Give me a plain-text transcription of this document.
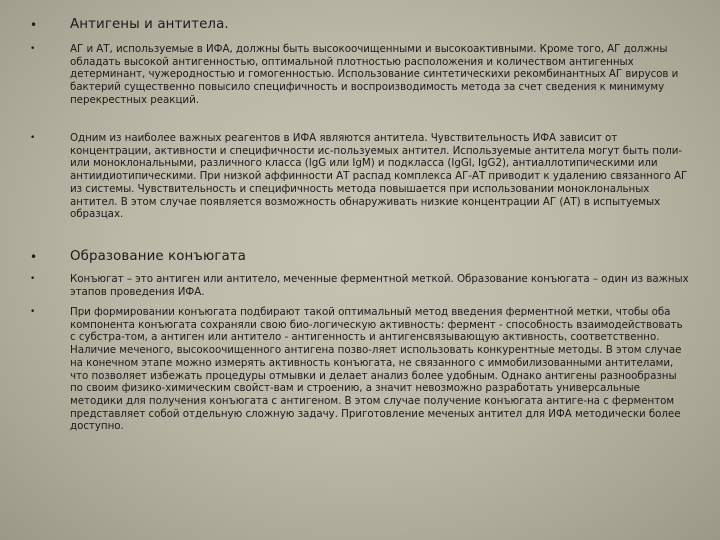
• Антигены и антитела.
•	АГ и АТ, используемые в ИФА, должны быть высокоочищенными и высокоактивными. Кроме того, АГ должны обладать высокой антигенностью, оптимальной плотностью расположения и количеством антигенных детерминант, чужеродностью и гомогенностью. Использование синтетическихи рекомбинантных АГ вирусов и бактерий существенно повысило специфичность и воспроизводимость метода за счет сведения к минимуму перекрестных реакций.
•	Одним из наиболее важных реагентов в ИФА являются антитела. Чувствительность ИФА зависит от концентрации, активности и специфичности ис-пользуемых антител. Используемые антитела могут быть поли- или моноклональными, различного класса (IgG или IgM) и подкласса (IgGl, IgG2), антиаллотипическими или антиидиотипическими. При низкой аффинности АТ распад комплекса АГ-АТ приводит к удалению связанного АГ из системы. Чувствительность и специфичность метода повышается при использовании моноклональных антител. В этом случае появляется возможность обнаруживать низкие концентрации АГ (АТ) в испытуемых образцах.
• Образование конъюгата
•	Конъюгат – это антиген или антитело, меченные ферментной меткой. Образование конъюгата – один из важных этапов проведения ИФА.
•	При формировании конъюгата подбирают такой оптимальный метод введения ферментной метки, чтобы оба компонента конъюгата сохраняли свою био-логическую активность: фермент - способность взаимодействовать с субстра-том, а антиген или антитело - антигенность и антигенсвязывающую активность, соответственно. Наличие меченого, высокоочищенного антигена позво-ляет использовать конкурентные методы. В этом случае на конечном этапе можно измерять активность конъюгата, не связанного с иммобилизованными антителами, что позволяет избежать процедуры отмывки и делает анализ более удобным. Однако антигены разнообразны по своим физико-химическим свойст-вам и строению, а значит невозможно разработать универсальные методики для получения конъюгата с антигеном. В этом случае получение конъюгата антиге-на с ферментом представляет собой отдельную сложную задачу. Приготовление меченых антител для ИФА методически более доступно.
